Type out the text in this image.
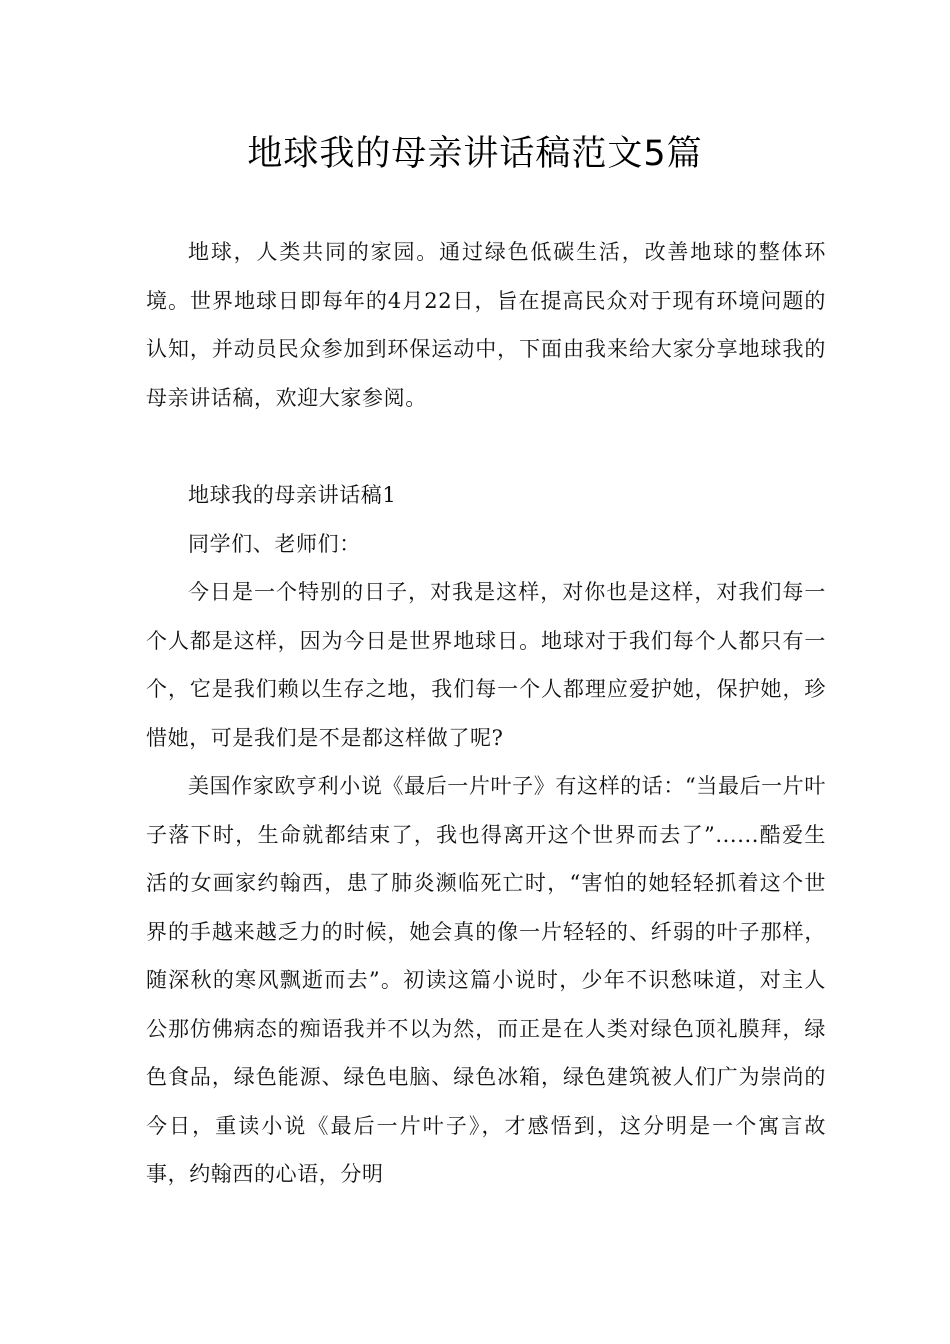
地球我的母亲讲话稿范文5篇

地球，人类共同的家园。通过绿色低碳生活，改善地球的整体环境。世界地球日即每年的4月22日，旨在提高民众对于现有环境问题的认知，并动员民众参加到环保运动中，下面由我来给大家分享地球我的母亲讲话稿，欢迎大家参阅。

地球我的母亲讲话稿1

同学们、老师们：

今日是一个特别的日子，对我是这样，对你也是这样，对我们每一个人都是这样，因为今日是世界地球日。地球对于我们每个人都只有一个，它是我们赖以生存之地，我们每一个人都理应爱护她，保护她，珍惜她，可是我们是不是都这样做了呢?

美国作家欧亨利小说《最后一片叶子》有这样的话：“当最后一片叶子落下时，生命就都结束了，我也得离开这个世界而去了”......酷爱生活的女画家约翰西，患了肺炎濒临死亡时，“害怕的她轻轻抓着这个世界的手越来越乏力的时候，她会真的像一片轻轻的、纤弱的叶子那样，随深秋的寒风飘逝而去”。初读这篇小说时，少年不识愁味道，对主人公那仿佛病态的痴语我并不以为然，而正是在人类对绿色顶礼膜拜，绿色食品，绿色能源、绿色电脑、绿色冰箱，绿色建筑被人们广为崇尚的今日，重读小说《最后一片叶子》，才感悟到，这分明是一个寓言故事，约翰西的心语，分明
